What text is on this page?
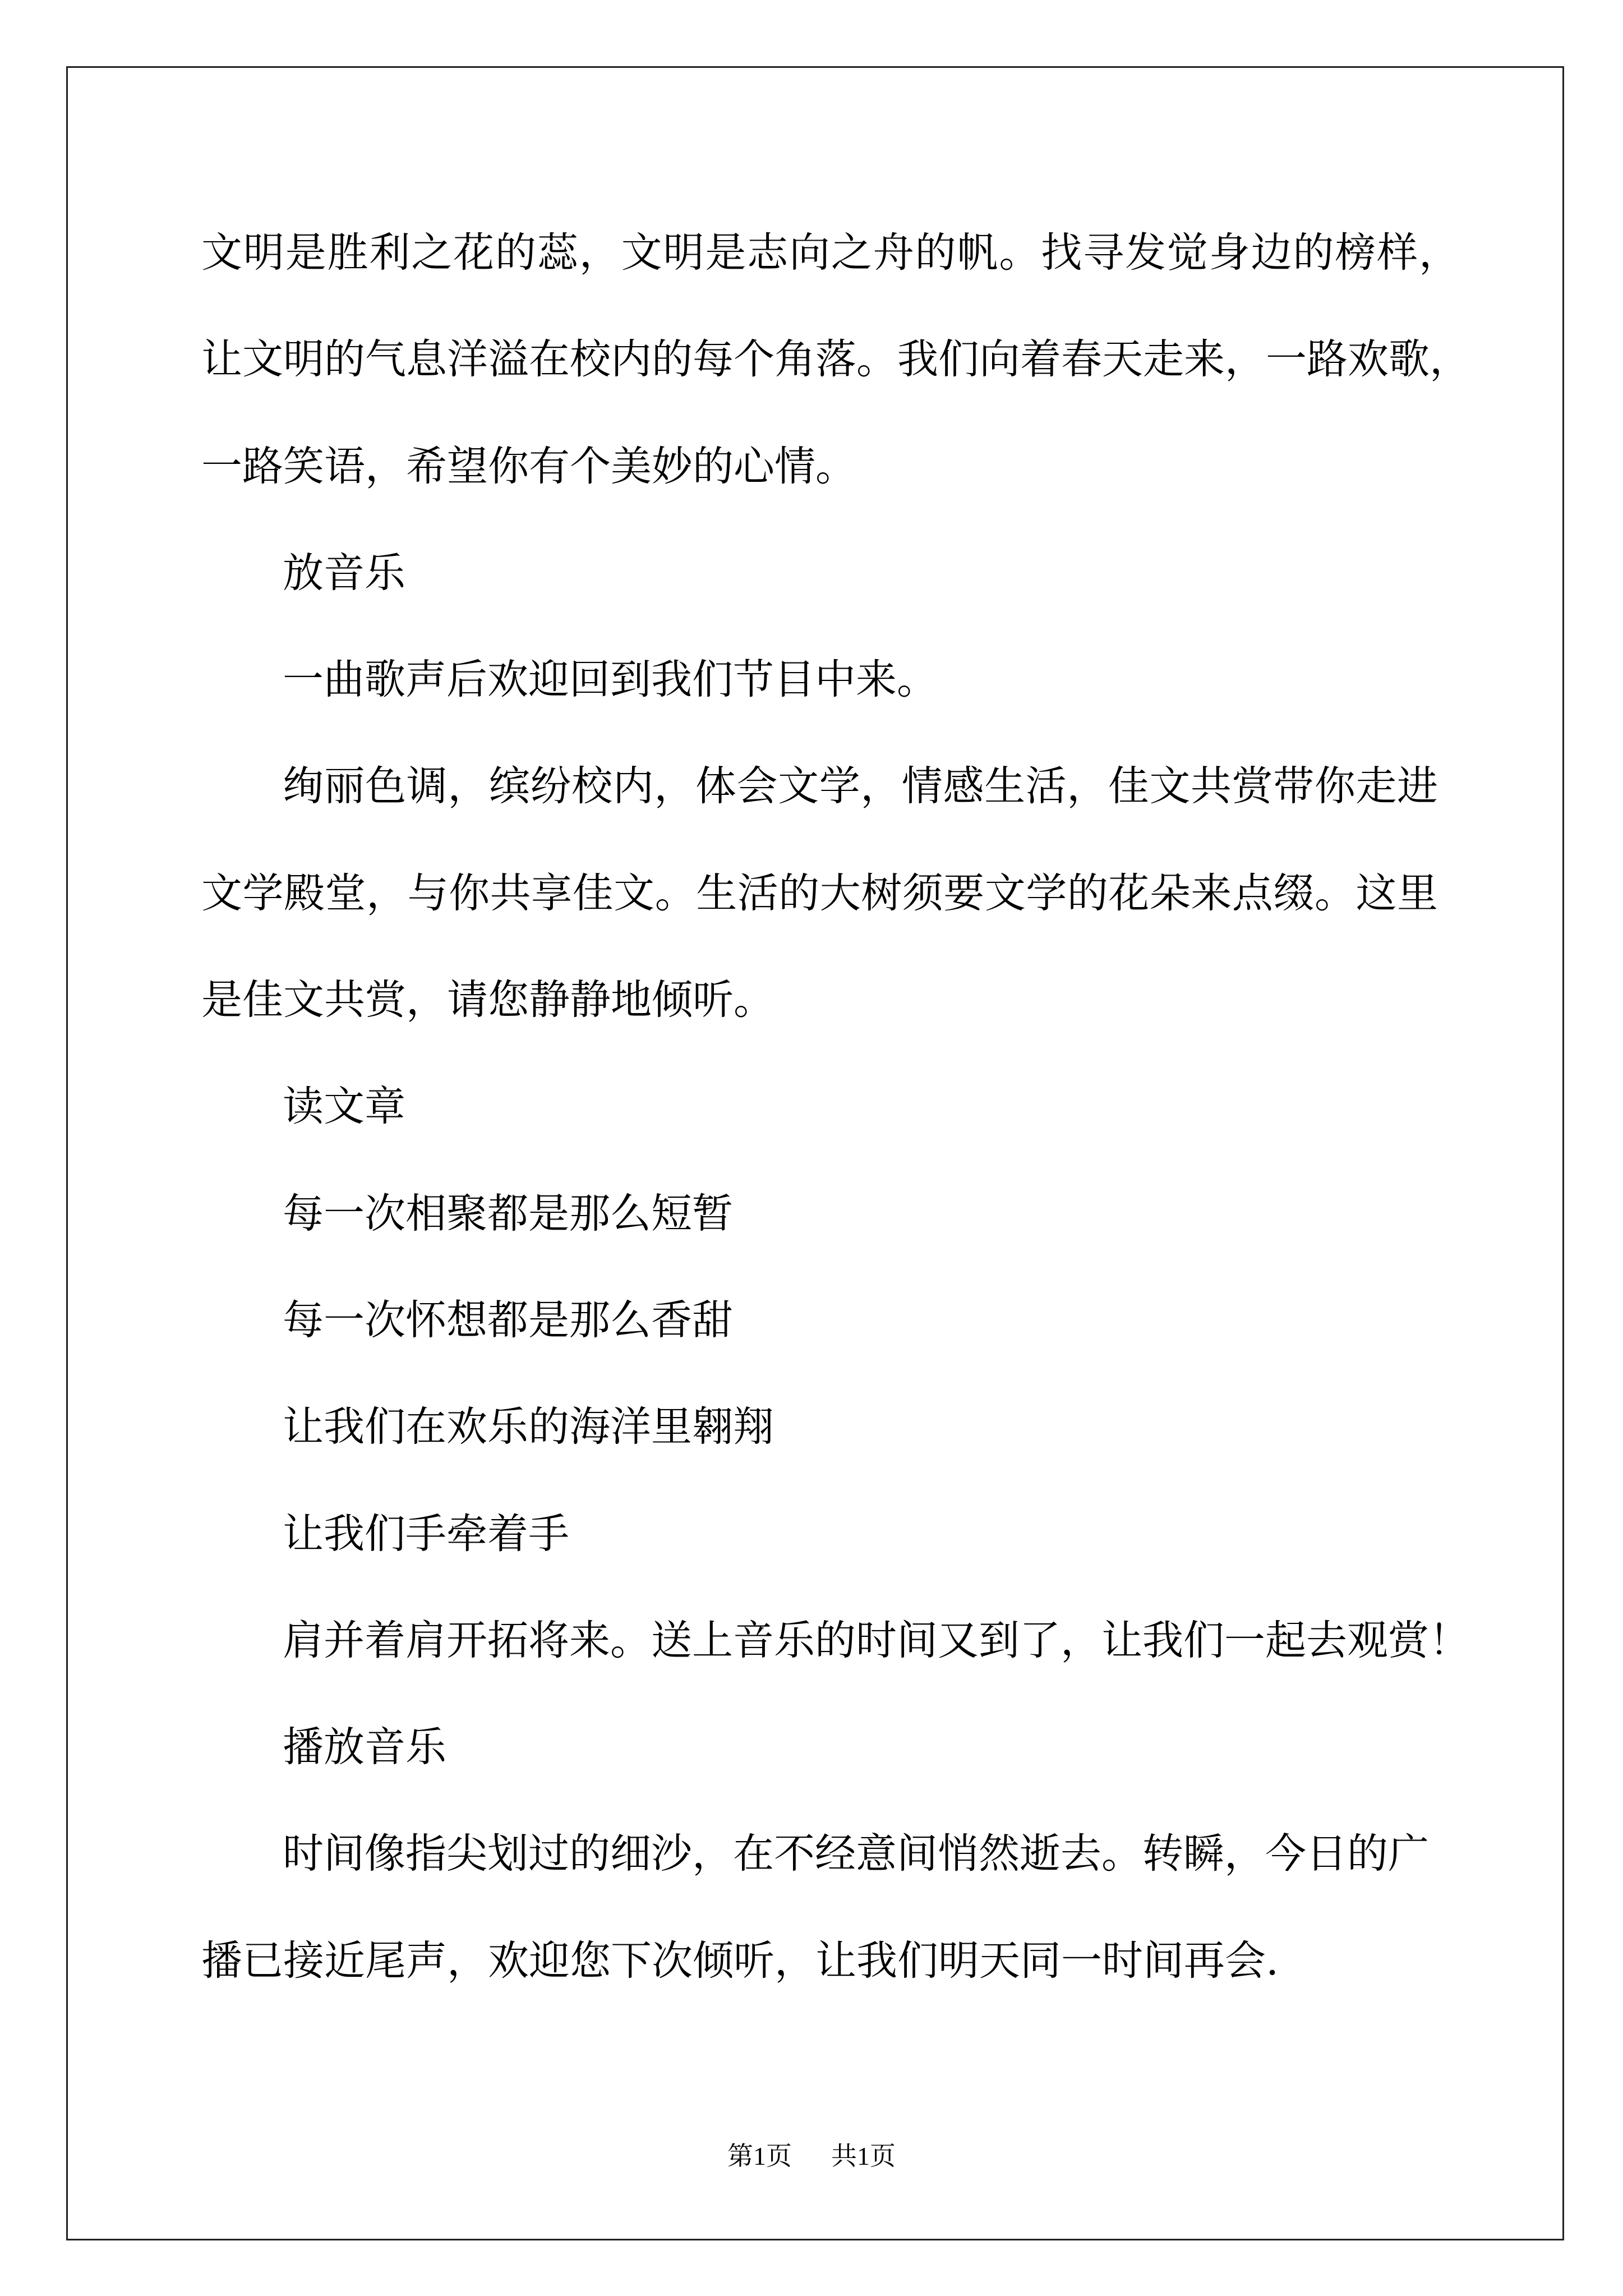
文明是胜利之花的蕊，文明是志向之舟的帆。找寻发觉身边的榜样，
让文明的气息洋溢在校内的每个角落。我们向着春天走来，一路欢歌，
一路笑语，希望你有个美妙的心情。
放音乐
一曲歌声后欢迎回到我们节目中来。
绚丽色调，缤纷校内，体会文学，情感生活，佳文共赏带你走进
文学殿堂，与你共享佳文。生活的大树须要文学的花朵来点缀。这里
是佳文共赏，请您静静地倾听。
读文章
每一次相聚都是那么短暂
每一次怀想都是那么香甜
让我们在欢乐的海洋里翱翔
让我们手牵着手
肩并着肩开拓将来。送上音乐的时间又到了，让我们一起去观赏！
播放音乐
时间像指尖划过的细沙，在不经意间悄然逝去。转瞬，今日的广
播已接近尾声，欢迎您下次倾听，让我们明天同一时间再会.
第1页 共1页
